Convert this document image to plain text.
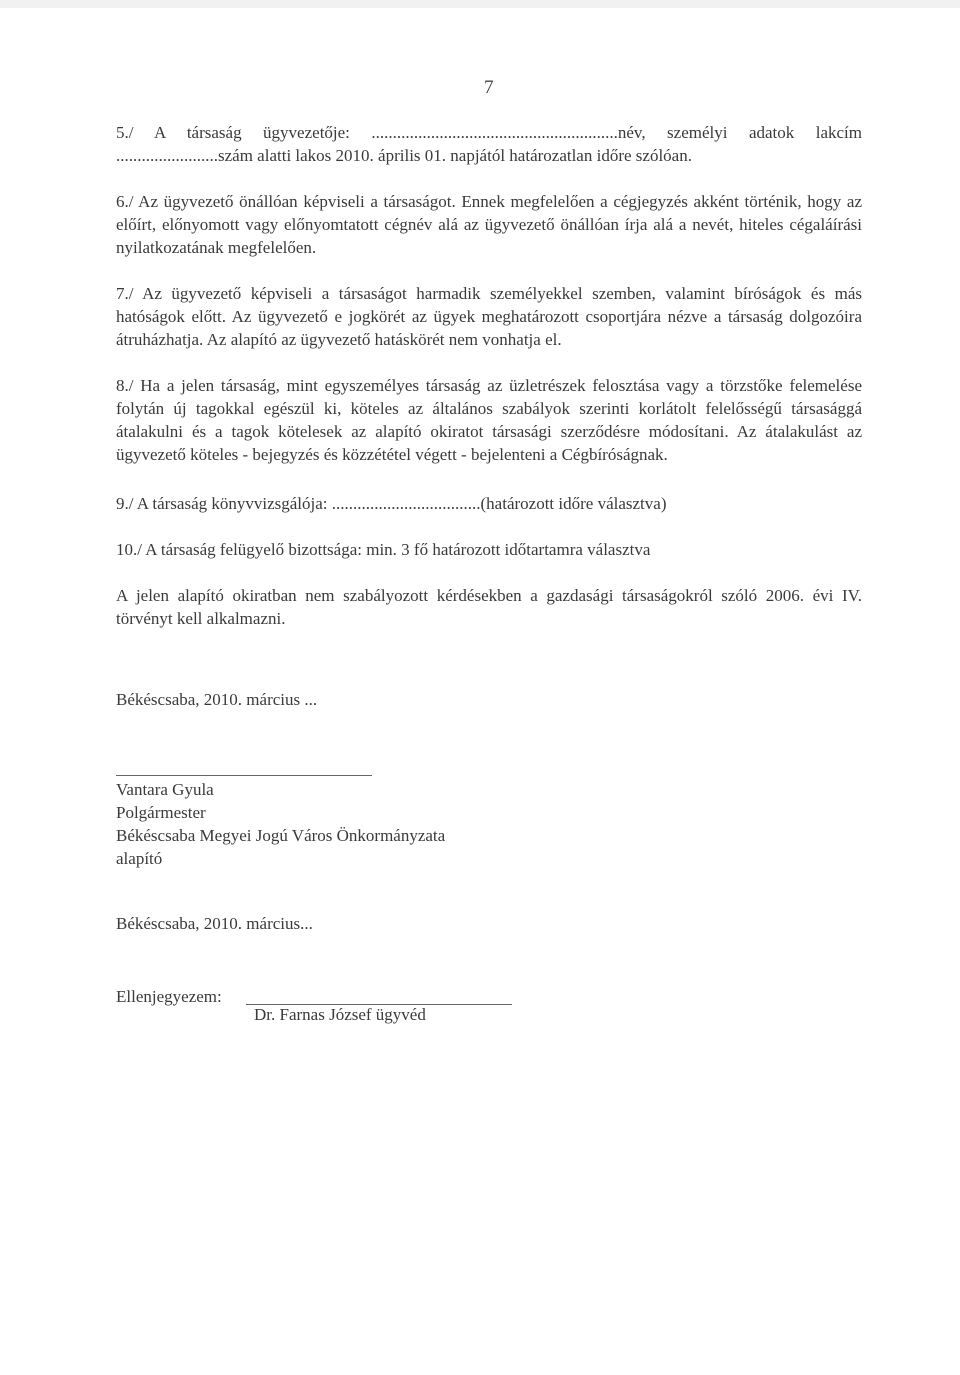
7

5./ A társaság ügyvezetője: ..........................................................név, személyi adatok lakcím ........................szám alatti lakos 2010. április 01. napjától határozatlan időre szólóan.

6./ Az ügyvezető önállóan képviseli a társaságot. Ennek megfelelően a cégjegyzés akként történik, hogy az előírt, előnyomott vagy előnyomtatott cégnév alá az ügyvezető önállóan írja alá a nevét, hiteles cégaláírási nyilatkozatának megfelelően.

7./ Az ügyvezető képviseli a társaságot harmadik személyekkel szemben, valamint bíróságok és más hatóságok előtt. Az ügyvezető e jogkörét az ügyek meghatározott csoportjára nézve a társaság dolgozóira átruházhatja. Az alapító az ügyvezető hatáskörét nem vonhatja el.

8./ Ha a jelen társaság, mint egyszemélyes társaság az üzletrészek felosztása vagy a törzstőke felemelése folytán új tagokkal egészül ki, köteles az általános szabályok szerinti korlátolt felelősségű társasággá átalakulni és a tagok kötelesek az alapító okiratot társasági szerződésre módosítani. Az átalakulást az ügyvezető köteles - bejegyzés és közzététel végett - bejelenteni a Cégbíróságnak.

9./ A társaság könyvvizsgálója: ...................................(határozott időre választva)

10./ A társaság felügyelő bizottsága: min. 3 fő határozott időtartamra választva

A jelen alapító okiratban nem szabályozott kérdésekben a gazdasági társaságokról szóló 2006. évi IV. törvényt kell alkalmazni.

Békéscsaba, 2010. március ...

Vantara Gyula
Polgármester
Békéscsaba Megyei Jogú Város Önkormányzata
alapító

Békéscsaba, 2010. március...

Ellenjegyezem:
Dr. Farnas József ügyvéd
